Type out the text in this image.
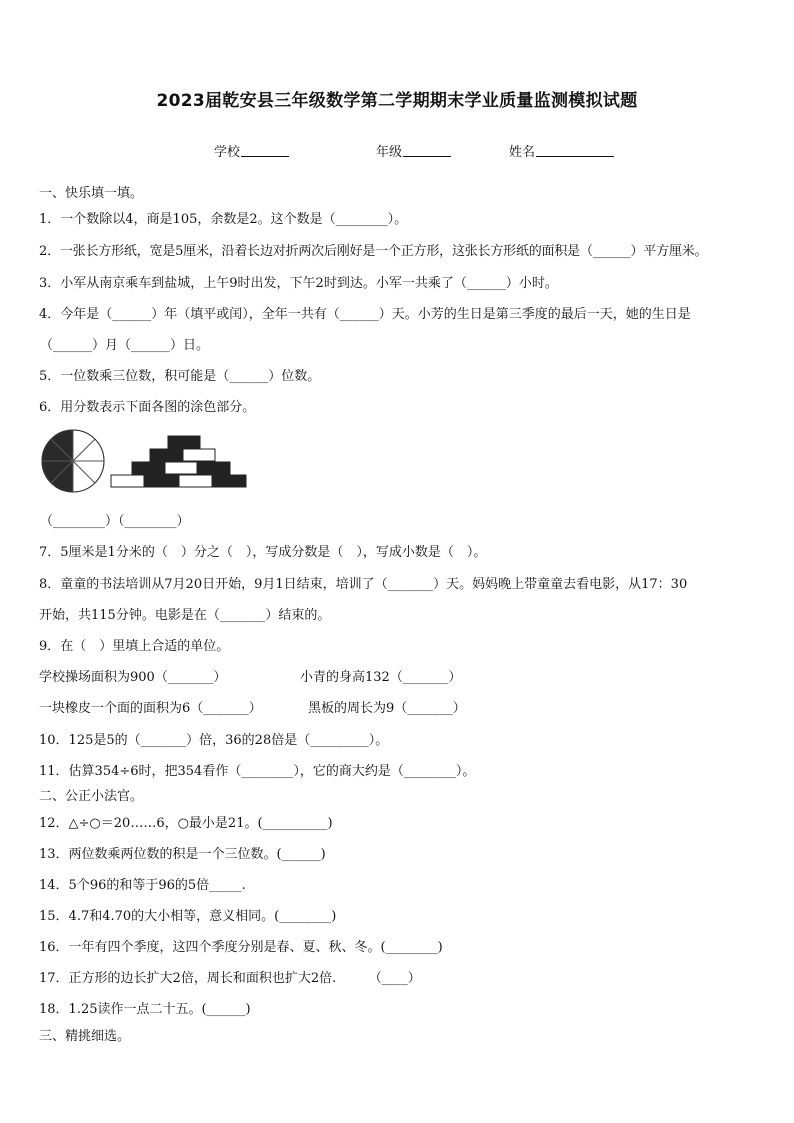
2023届乾安县三年级数学第二学期期末学业质量监测模拟试题
学校	年级	姓名
一、快乐填一填。
1．一个数除以4，商是105，余数是2。这个数是（________）。
2．一张长方形纸，宽是5厘米，沿着长边对折两次后刚好是一个正方形，这张长方形纸的面积是（______）平方厘米。
3．小军从南京乘车到盐城，上午9时出发，下午2时到达。小军一共乘了（______）小时。
4．今年是（______）年（填平或闰），全年一共有（______）天。小芳的生日是第三季度的最后一天，她的生日是
（______）月（______）日。
5．一位数乘三位数，积可能是（______）位数。
6．用分数表示下面各图的涂色部分。
（________）（________）
7．5厘米是1分米的（　）分之（　），写成分数是（　），写成小数是（　）。
8．童童的书法培训从7月20日开始，9月1日结束，培训了（_______）天。妈妈晚上带童童去看电影，从17：30
开始，共115分钟。电影是在（_______）结束的。
9．在（　）里填上合适的单位。
学校操场面积为900（_______）	小青的身高132（_______）
一块橡皮一个面的面积为6（_______）	黑板的周长为9（_______）
10．125是5的（_______）倍，36的28倍是（_________）。
11．估算354÷6时，把354看作（________），它的商大约是（________）。
二、公正小法官。
12．△÷○＝20……6，○最小是21。(__________)
13．两位数乘两位数的积是一个三位数。(______)
14．5个96的和等于96的5倍_____.
15．4.7和4.70的大小相等，意义相同。(________)
16．一年有四个季度，这四个季度分别是春、夏、秋、冬。(________)
17．正方形的边长扩大2倍，周长和面积也扩大2倍.　　　（____）
18．1.25读作一点二十五。(______)
三、精挑细选。
